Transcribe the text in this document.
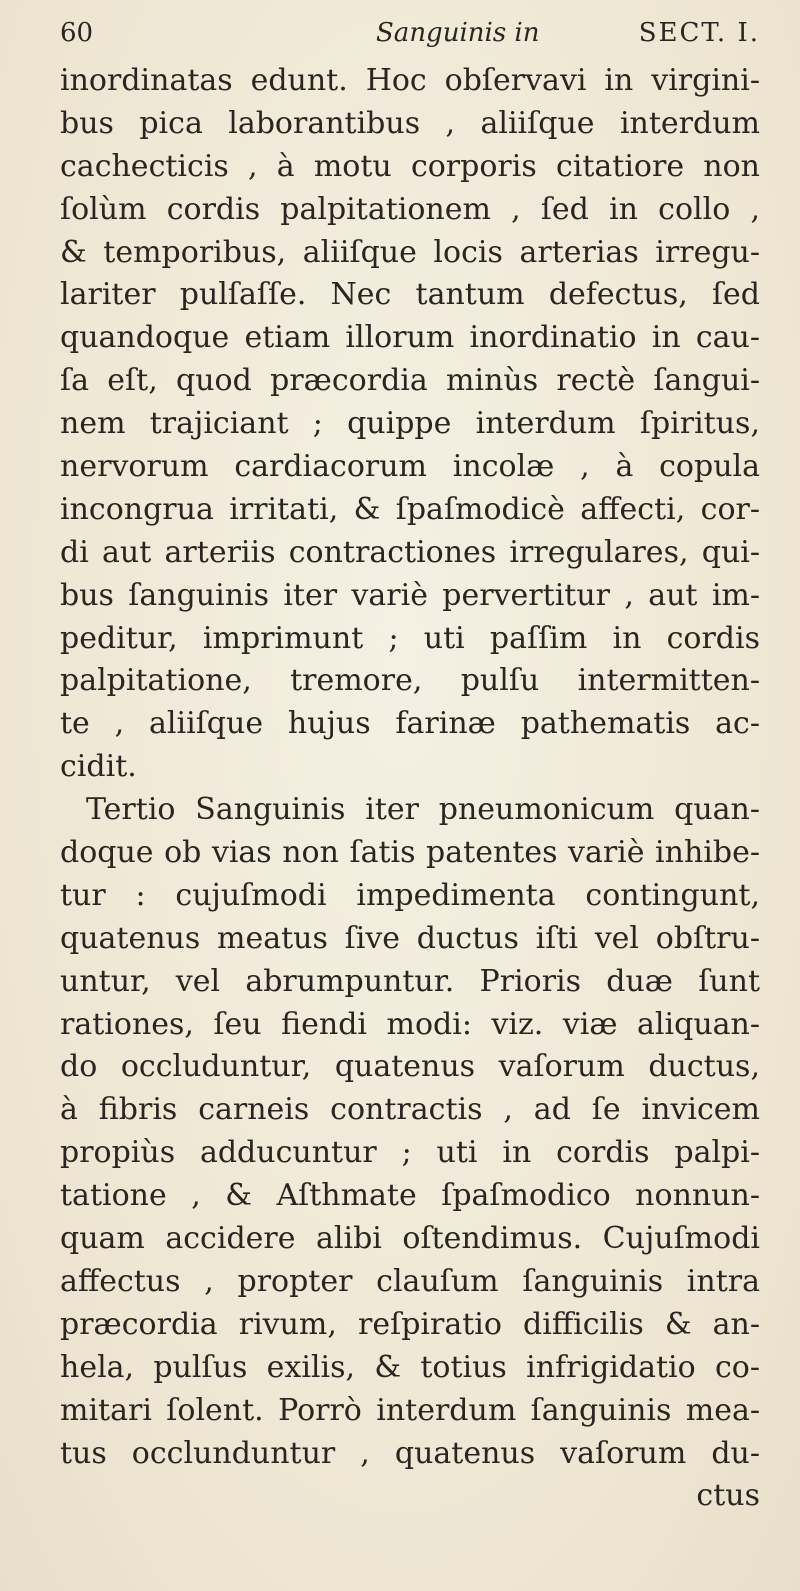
60	Sanguinis in	SECT. I.
inordinatas edunt. Hoc obſervavi in virgini-
bus pica laborantibus , aliiſque interdum
cachecticis , à motu corporis citatiore non
ſolùm cordis palpitationem , ſed in collo ,
& temporibus, aliiſque locis arterias irregu-
lariter pulſaſſe. Nec tantum defectus, ſed
quandoque etiam illorum inordinatio in cau-
ſa eſt, quod præcordia minùs rectè ſangui-
nem trajiciant ; quippe interdum ſpiritus,
nervorum cardiacorum incolæ , à copula
incongrua irritati, & ſpaſmodicè affecti, cor-
di aut arteriis contractiones irregulares, qui-
bus ſanguinis iter variè pervertitur , aut im-
peditur, imprimunt ; uti paſſim in cordis
palpitatione, tremore, pulſu intermitten-
te , aliiſque hujus farinæ pathematis ac-
cidit.
Tertio Sanguinis iter pneumonicum quan-
doque ob vias non ſatis patentes variè inhibe-
tur : cujuſmodi impedimenta contingunt,
quatenus meatus ſive ductus iſti vel obſtru-
untur, vel abrumpuntur. Prioris duæ ſunt
rationes, ſeu fiendi modi: viz. viæ aliquan-
do occluduntur, quatenus vaſorum ductus,
à fibris carneis contractis , ad ſe invicem
propiùs adducuntur ; uti in cordis palpi-
tatione , & Aſthmate ſpaſmodico nonnun-
quam accidere alibi oſtendimus. Cujuſmodi
affectus , propter clauſum ſanguinis intra
præcordia rivum, reſpiratio difficilis & an-
hela, pulſus exilis, & totius infrigidatio co-
mitari ſolent. Porrò interdum ſanguinis mea-
tus occlunduntur , quatenus vaſorum du-
ctus
